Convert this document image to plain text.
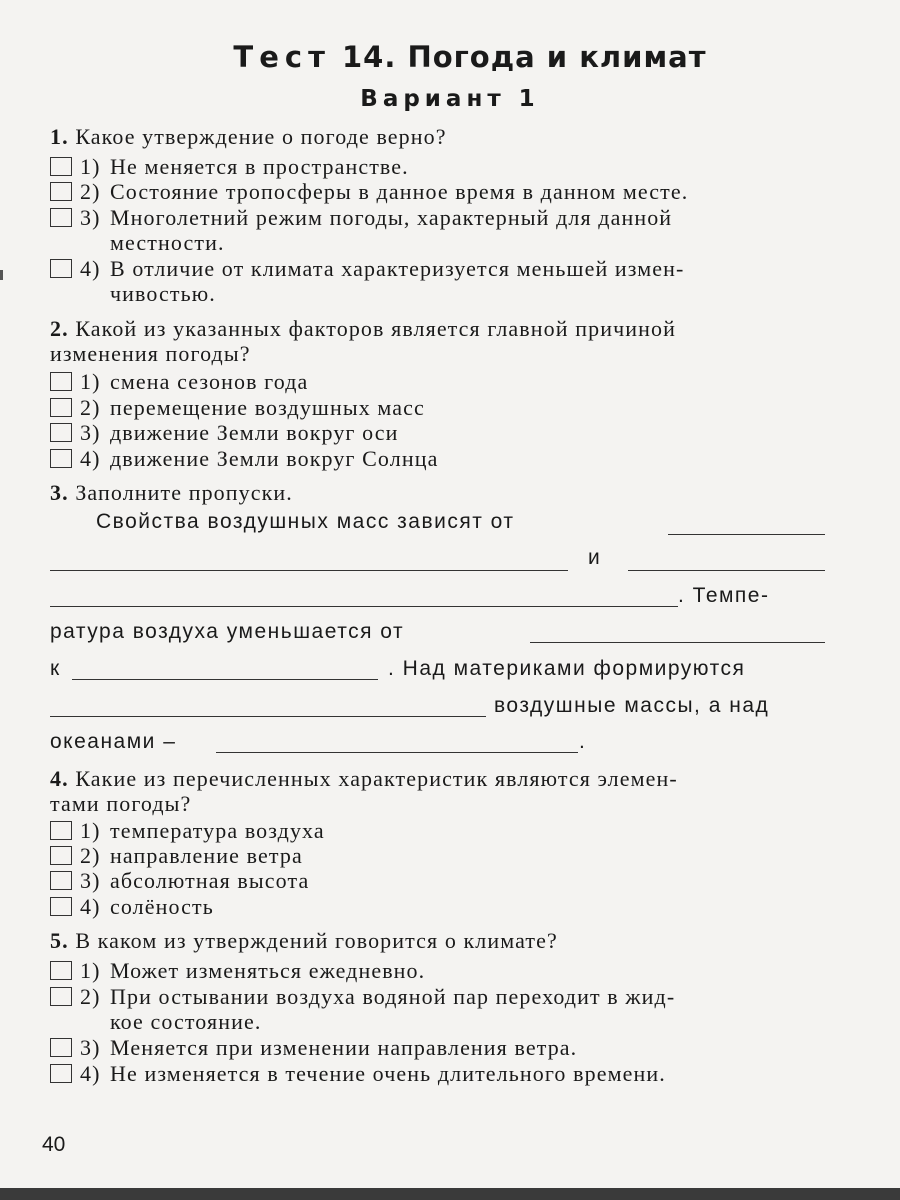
Тест 14. Погода и климат
Вариант 1
1. Какое утверждение о погоде верно?
1) Не меняется в пространстве.
2) Состояние тропосферы в данное время в данном месте.
3) Многолетний режим погоды, характерный для данной
местности.
4) В отличие от климата характеризуется меньшей измен-
чивостью.
2. Какой из указанных факторов является главной причиной
изменения погоды?
1) смена сезонов года
2) перемещение воздушных масс
3) движение Земли вокруг оси
4) движение Земли вокруг Солнца
3. Заполните пропуски.
Свойства воздушных масс зависят от
и
. Темпе-
ратура воздуха уменьшается от
к	. Над материками формируются
воздушные массы, а над
океанами –	.
4. Какие из перечисленных характеристик являются элемен-
тами погоды?
1) температура воздуха
2) направление ветра
3) абсолютная высота
4) солёность
5. В каком из утверждений говорится о климате?
1) Может изменяться ежедневно.
2) При остывании воздуха водяной пар переходит в жид-
кое состояние.
3) Меняется при изменении направления ветра.
4) Не изменяется в течение очень длительного времени.
40
